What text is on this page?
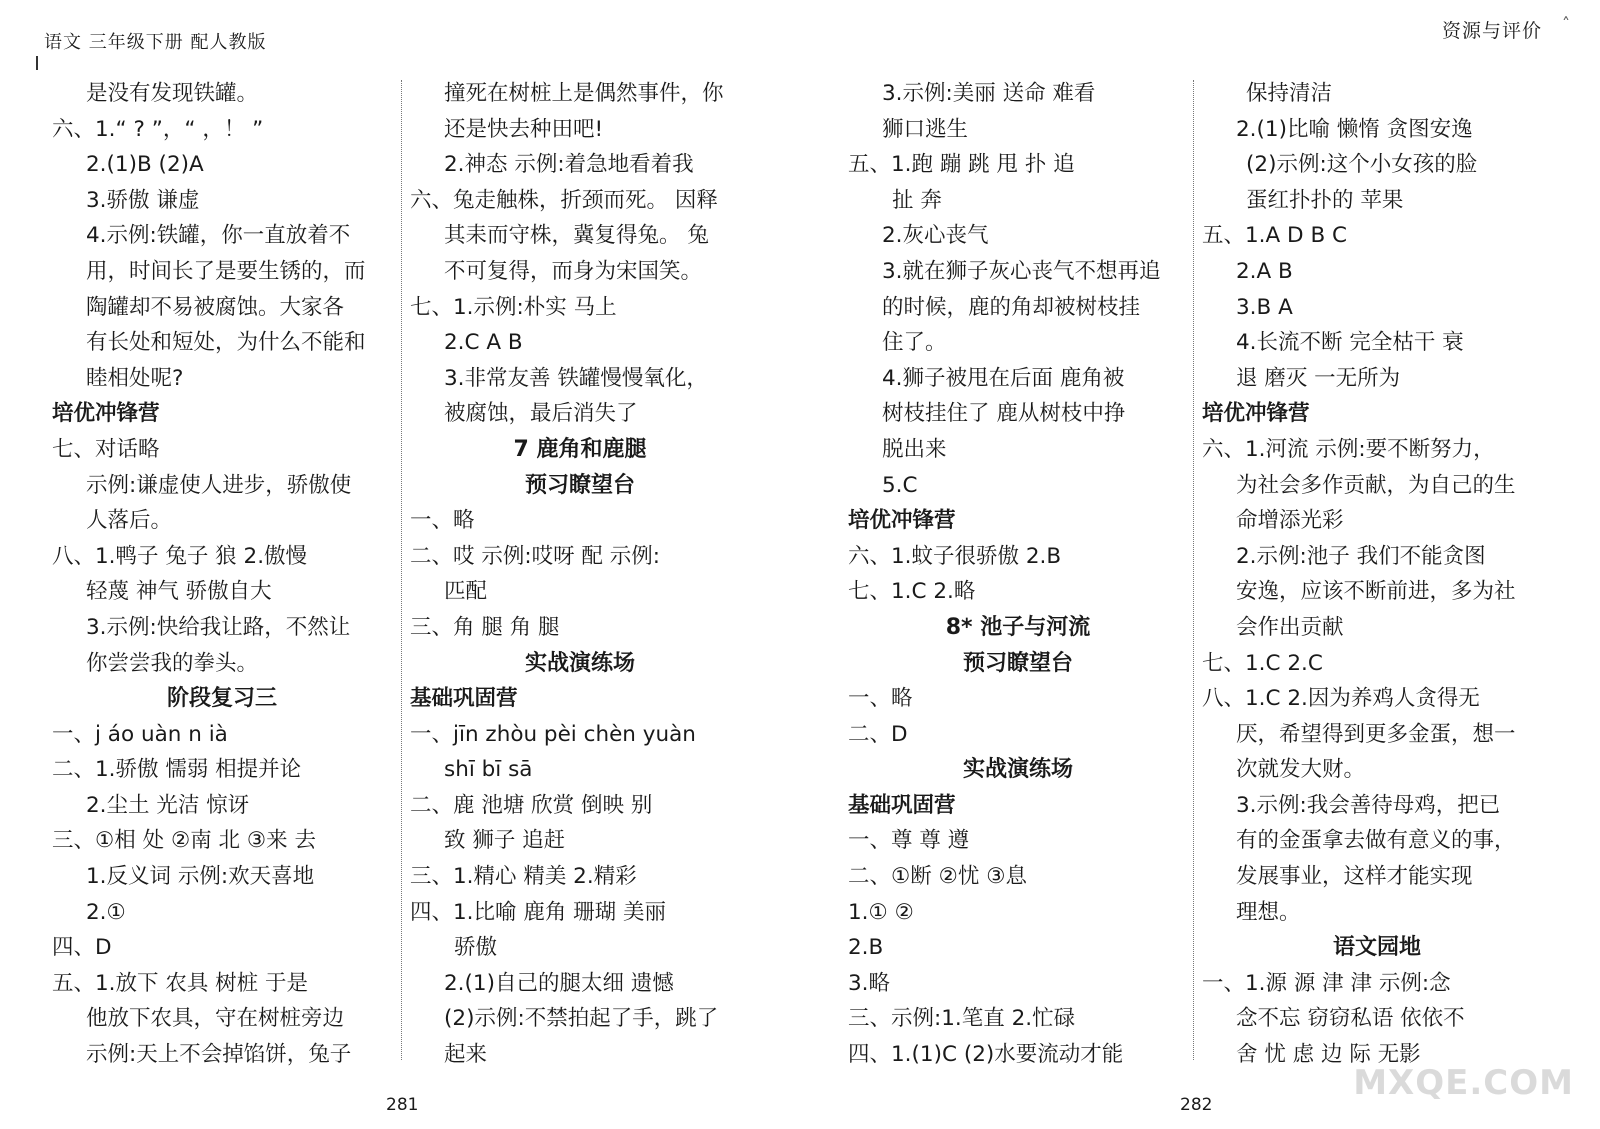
语文 三年级下册 配人教版
是没有发现铁罐。
六、1.“ ? ”，“ ，！ ”
2.(1)B (2)A
3.骄傲 谦虚
4.示例:铁罐，你一直放着不
用，时间长了是要生锈的，而
陶罐却不易被腐蚀。大家各
有长处和短处，为什么不能和
睦相处呢?
培优冲锋营
七、对话略
示例:谦虚使人进步，骄傲使
人落后。
八、1.鸭子 兔子 狼 2.傲慢
轻蔑 神气 骄傲自大
3.示例:快给我让路，不然让
你尝尝我的拳头。
阶段复习三
一、j áo uàn n ià
二、1.骄傲 懦弱 相提并论
2.尘土 光洁 惊讶
三、①相 处 ②南 北 ③来 去
1.反义词 示例:欢天喜地
2.①
四、D
五、1.放下 农具 树桩 于是
他放下农具，守在树桩旁边
示例:天上不会掉馅饼，兔子
撞死在树桩上是偶然事件，你
还是快去种田吧!
2.神态 示例:着急地看着我
六、兔走触株，折颈而死。 因释
其耒而守株，冀复得兔。 兔
不可复得，而身为宋国笑。
七、1.示例:朴实 马上
2.C A B
3.非常友善 铁罐慢慢氧化，
被腐蚀，最后消失了
7 鹿角和鹿腿
预习瞭望台
一、略
二、哎 示例:哎呀 配 示例:
匹配
三、角 腿 角 腿
实战演练场
基础巩固营
一、jīn zhòu pèi chèn yuàn
shī bī sā
二、鹿 池塘 欣赏 倒映 别
致 狮子 追赶
三、1.精心 精美 2.精彩
四、1.比喻 鹿角 珊瑚 美丽
骄傲
2.(1)自己的腿太细 遗憾
(2)示例:不禁拍起了手，跳了
起来
281
资源与评价 ˄
3.示例:美丽 送命 难看
狮口逃生
五、1.跑 蹦 跳 甩 扑 追
扯 奔
2.灰心丧气
3.就在狮子灰心丧气不想再追
的时候，鹿的角却被树枝挂
住了。
4.狮子被甩在后面 鹿角被
树枝挂住了 鹿从树枝中挣
脱出来
5.C
培优冲锋营
六、1.蚊子很骄傲 2.B
七、1.C 2.略
8* 池子与河流
预习瞭望台
一、略
二、D
实战演练场
基础巩固营
一、尊 尊 遵
二、①断 ②忧 ③息
1.① ②
2.B
3.略
三、示例:1.笔直 2.忙碌
四、1.(1)C (2)水要流动才能
保持清洁
2.(1)比喻 懒惰 贪图安逸
(2)示例:这个小女孩的脸
蛋红扑扑的 苹果
五、1.A D B C
2.A B
3.B A
4.长流不断 完全枯干 衰
退 磨灭 一无所为
培优冲锋营
六、1.河流 示例:要不断努力，
为社会多作贡献，为自己的生
命增添光彩
2.示例:池子 我们不能贪图
安逸，应该不断前进，多为社
会作出贡献
七、1.C 2.C
八、1.C 2.因为养鸡人贪得无
厌，希望得到更多金蛋，想一
次就发大财。
3.示例:我会善待母鸡，把已
有的金蛋拿去做有意义的事，
发展事业，这样才能实现
理想。
语文园地
一、1.源 源 津 津 示例:念
念不忘 窃窃私语 依依不
舍 忧 虑 边 际 无影
282
MXQE.COM
